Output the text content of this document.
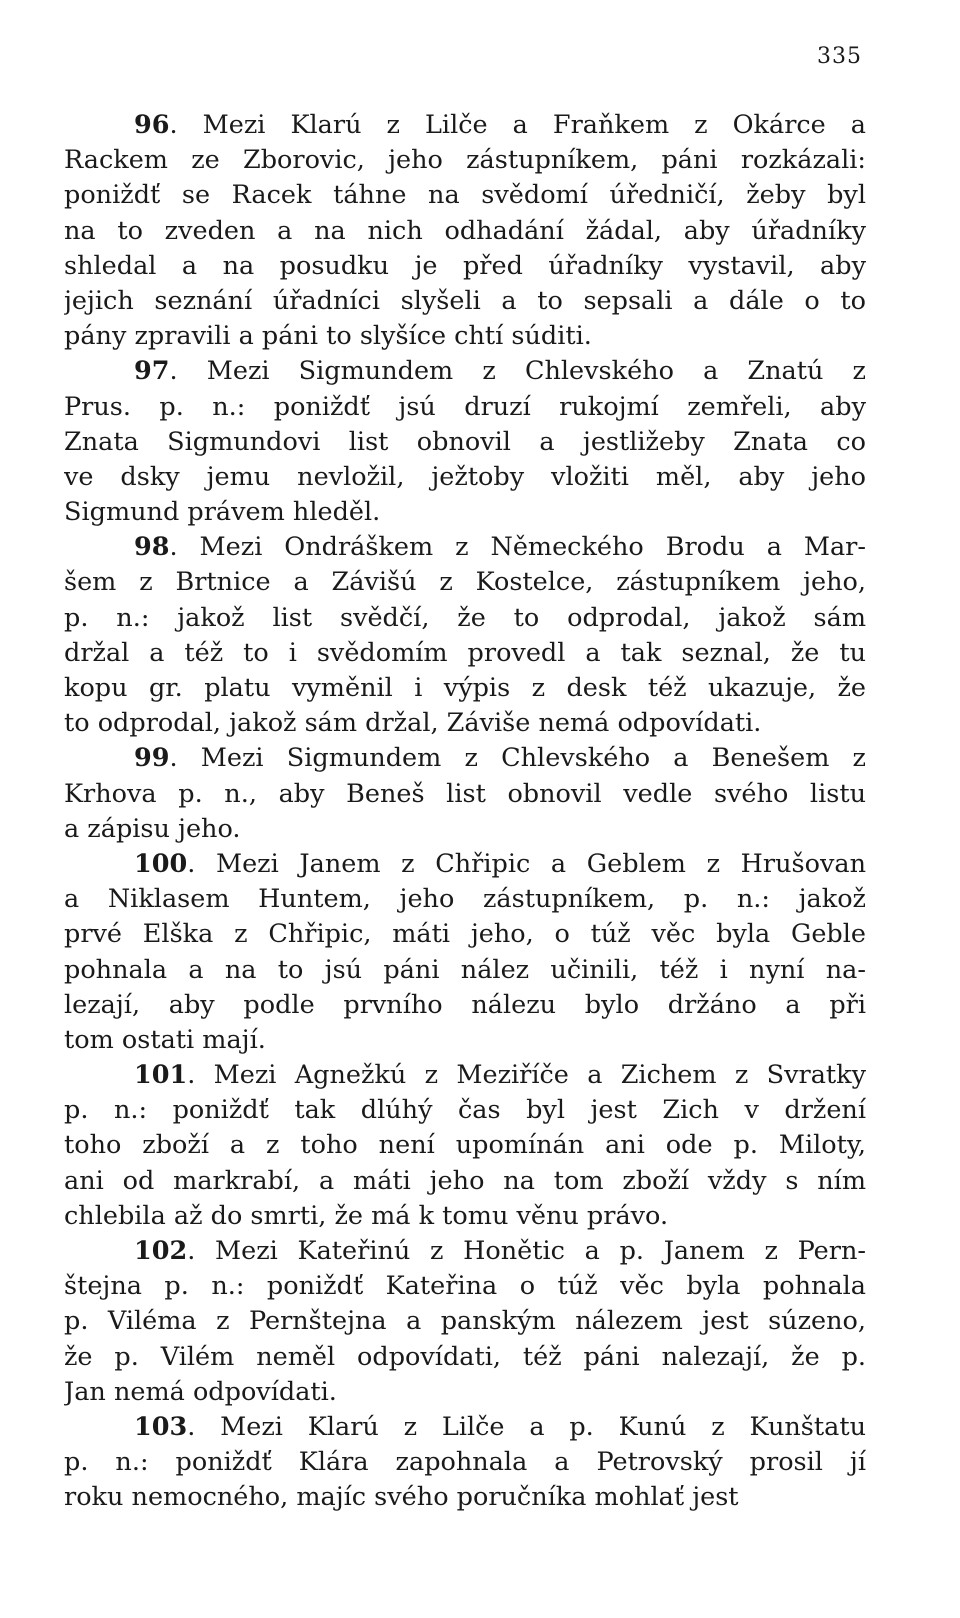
335
96. Mezi Klarú z Lilče a Fraňkem z Okárce a
Rackem ze Zborovic, jeho zástupníkem, páni rozkázali:
poniždť se Racek táhne na svědomí úředničí, žeby byl
na to zveden a na nich odhadání žádal, aby úřadníky
shledal a na posudku je před úřadníky vystavil, aby
jejich seznání úřadníci slyšeli a to sepsali a dále o to
pány zpravili a páni to slyšíce chtí súditi.
97. Mezi Sigmundem z Chlevského a Znatú z
Prus. p. n.: poniždť jsú druzí rukojmí zemřeli, aby
Znata Sigmundovi list obnovil a jestližeby Znata co
ve dsky jemu nevložil, ježtoby vložiti měl, aby jeho
Sigmund právem hleděl.
98. Mezi Ondráškem z Německého Brodu a Mar-
šem z Brtnice a Závišú z Kostelce, zástupníkem jeho,
p. n.: jakož list svědčí, že to odprodal, jakož sám
držal a též to i svědomím provedl a tak seznal, že tu
kopu gr. platu vyměnil i výpis z desk též ukazuje, že
to odprodal, jakož sám držal, Záviše nemá odpovídati.
99. Mezi Sigmundem z Chlevského a Benešem z
Krhova p. n., aby Beneš list obnovil vedle svého listu
a zápisu jeho.
100. Mezi Janem z Chřipic a Geblem z Hrušovan
a Niklasem Huntem, jeho zástupníkem, p. n.: jakož
prvé Elška z Chřipic, máti jeho, o túž věc byla Geble
pohnala a na to jsú páni nález učinili, též i nyní na-
lezají, aby podle prvního nálezu bylo držáno a při
tom ostati mají.
101. Mezi Agnežkú z Meziříče a Zichem z Svratky
p. n.: poniždť tak dlúhý čas byl jest Zich v držení
toho zboží a z toho není upomínán ani ode p. Miloty,
ani od markrabí, a máti jeho na tom zboží vždy s ním
chlebila až do smrti, že má k tomu věnu právo.
102. Mezi Kateřinú z Honětic a p. Janem z Pern-
štejna p. n.: poniždť Kateřina o túž věc byla pohnala
p. Viléma z Pernštejna a panským nálezem jest súzeno,
že p. Vilém neměl odpovídati, též páni nalezají, že p.
Jan nemá odpovídati.
103. Mezi Klarú z Lilče a p. Kunú z Kunštatu
p. n.: poniždť Klára zapohnala a Petrovský prosil jí
roku nemocného, majíc svého poručníka mohlať jest
